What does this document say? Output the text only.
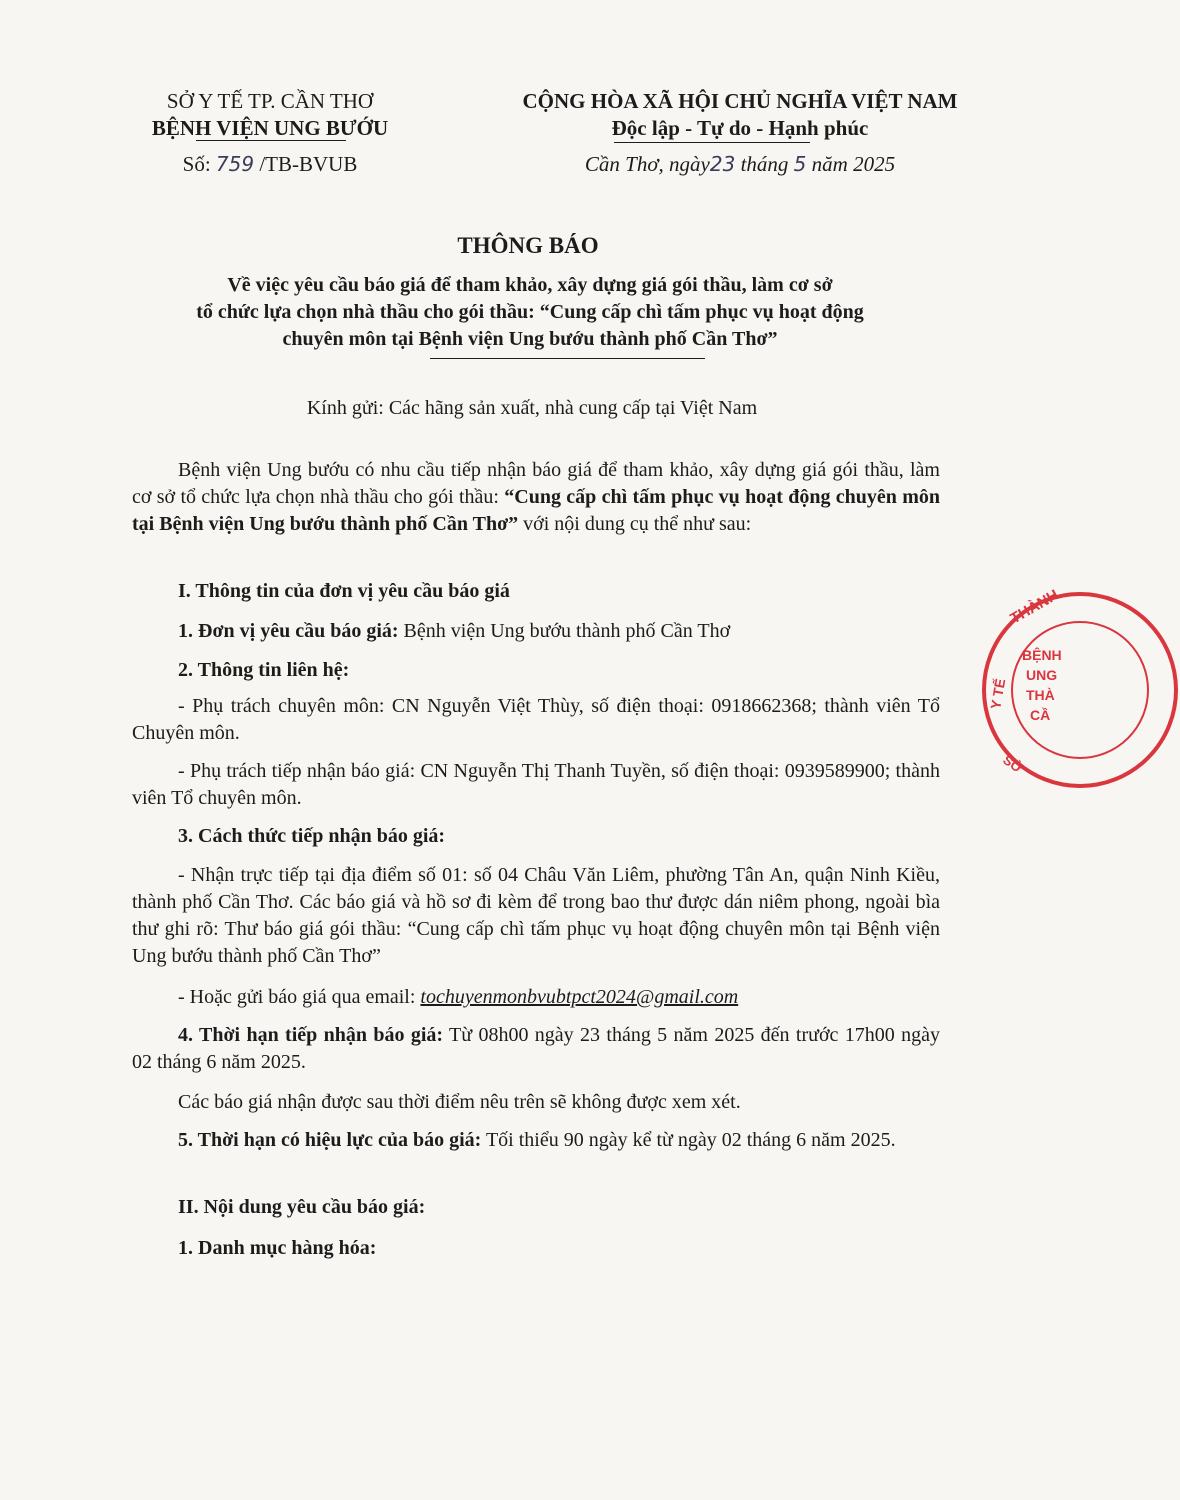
SỞ Y TẾ TP. CẦN THƠ
BỆNH VIỆN UNG BƯỚU
Số: 759 /TB-BVUB
CỘNG HÒA XÃ HỘI CHỦ NGHĨA VIỆT NAM
Độc lập - Tự do - Hạnh phúc
Cần Thơ, ngày23 tháng 5 năm 2025
THÔNG BÁO
Về việc yêu cầu báo giá để tham khảo, xây dựng giá gói thầu, làm cơ sở
tổ chức lựa chọn nhà thầu cho gói thầu: “Cung cấp chì tấm phục vụ hoạt động
chuyên môn tại Bệnh viện Ung bướu thành phố Cần Thơ”
Kính gửi: Các hãng sản xuất, nhà cung cấp tại Việt Nam
Bệnh viện Ung bướu có nhu cầu tiếp nhận báo giá để tham khảo, xây dựng giá gói thầu, làm cơ sở tổ chức lựa chọn nhà thầu cho gói thầu: “Cung cấp chì tấm phục vụ hoạt động chuyên môn tại Bệnh viện Ung bướu thành phố Cần Thơ” với nội dung cụ thể như sau:
I. Thông tin của đơn vị yêu cầu báo giá
1. Đơn vị yêu cầu báo giá: Bệnh viện Ung bướu thành phố Cần Thơ
2. Thông tin liên hệ:
- Phụ trách chuyên môn: CN Nguyễn Việt Thùy, số điện thoại: 0918662368; thành viên Tổ Chuyên môn.
- Phụ trách tiếp nhận báo giá: CN Nguyễn Thị Thanh Tuyền, số điện thoại: 0939589900; thành viên Tổ chuyên môn.
3. Cách thức tiếp nhận báo giá:
- Nhận trực tiếp tại địa điểm số 01: số 04 Châu Văn Liêm, phường Tân An, quận Ninh Kiều, thành phố Cần Thơ. Các báo giá và hồ sơ đi kèm để trong bao thư được dán niêm phong, ngoài bìa thư ghi rõ: Thư báo giá gói thầu: “Cung cấp chì tấm phục vụ hoạt động chuyên môn tại Bệnh viện Ung bướu thành phố Cần Thơ”
- Hoặc gửi báo giá qua email: tochuyenmonbvubtpct2024@gmail.com
4. Thời hạn tiếp nhận báo giá: Từ 08h00 ngày 23 tháng 5 năm 2025 đến trước 17h00 ngày 02 tháng 6 năm 2025.
Các báo giá nhận được sau thời điểm nêu trên sẽ không được xem xét.
5. Thời hạn có hiệu lực của báo giá: Tối thiểu 90 ngày kể từ ngày 02 tháng 6 năm 2025.
II. Nội dung yêu cầu báo giá:
1. Danh mục hàng hóa:
THÀNH
Y TẾ
SỞ
BỆNH
UNG
THÀ
CẦ
